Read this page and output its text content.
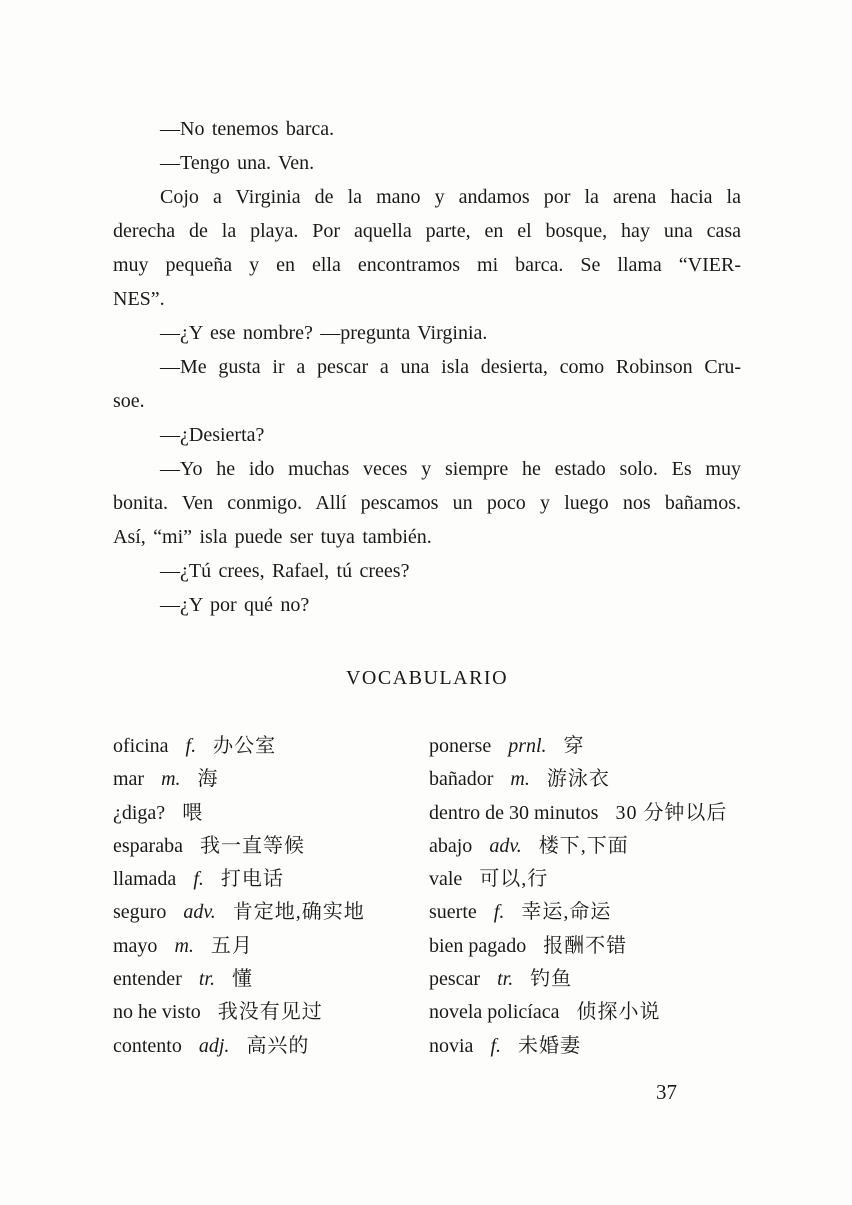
—No tenemos barca.

—Tengo una. Ven.

Cojo a Virginia de la mano y andamos por la arena hacia la

derecha de la playa. Por aquella parte, en el bosque, hay una casa

muy pequeña y en ella encontramos mi barca. Se llama “VIER-

NES”.

—¿Y ese nombre? —pregunta Virginia.

—Me gusta ir a pescar a una isla desierta, como Robinson Cru-

soe.

—¿Desierta?

—Yo he ido muchas veces y siempre he estado solo. Es muy

bonita. Ven conmigo. Allí pescamos un poco y luego nos bañamos.

Así, “mi” isla puede ser tuya también.

—¿Tú crees, Rafael, tú crees?

—¿Y por qué no?

VOCABULARIO
oficina f. 办公室
mar m. 海
¿diga? 喂
esparaba 我一直等候
llamada f. 打电话
seguro adv. 肯定地,确实地
mayo m. 五月
entender tr. 懂
no he visto 我没有见过
contento adj. 高兴的
ponerse prnl. 穿
bañador m. 游泳衣
dentro de 30 minutos 30 分钟以后
abajo adv. 楼下,下面
vale 可以,行
suerte f. 幸运,命运
bien pagado 报酬不错
pescar tr. 钓鱼
novela policíaca 侦探小说
novia f. 未婚妻
37
